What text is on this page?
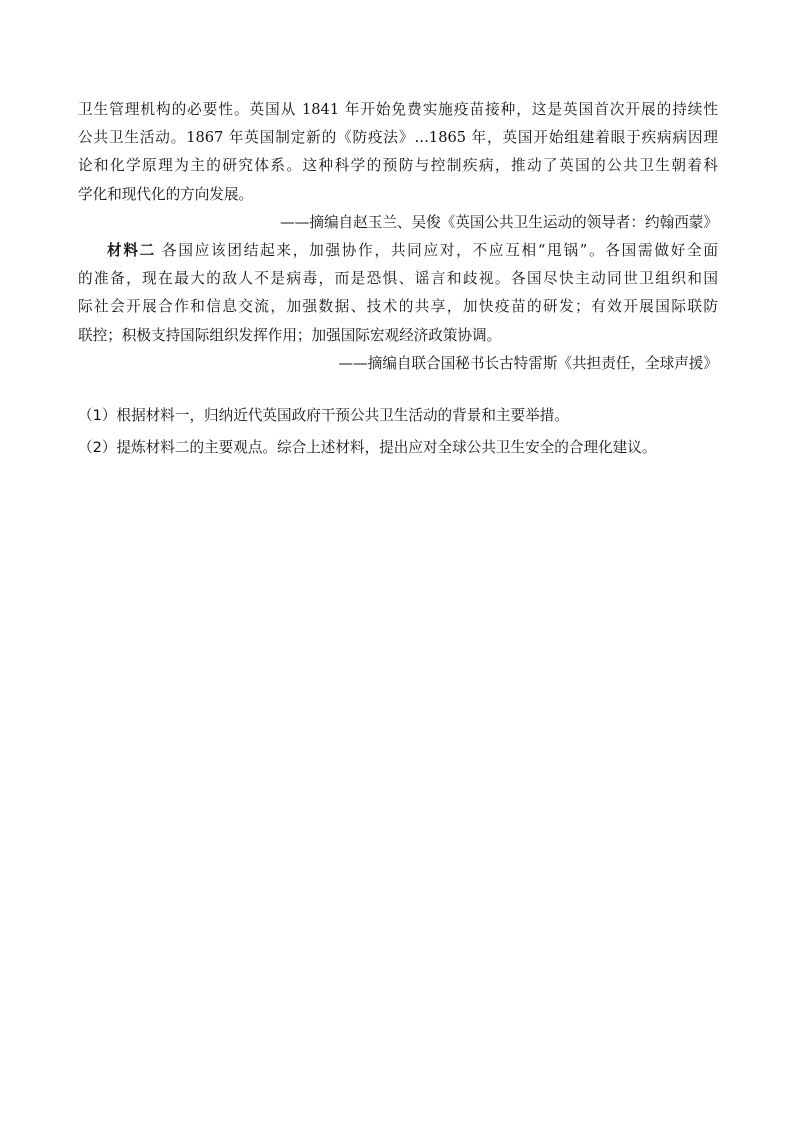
卫生管理机构的必要性。英国从 1841 年开始免费实施疫苗接种，这是英国首次开展的持续性
公共卫生活动。1867 年英国制定新的《防疫法》…1865 年，英国开始组建着眼于疾病病因理
论和化学原理为主的研究体系。这种科学的预防与控制疾病，推动了英国的公共卫生朝着科
学化和现代化的方向发展。

——摘编自赵玉兰、吴俊《英国公共卫生运动的领导者：约翰西蒙》

材料二 各国应该团结起来，加强协作，共同应对，不应互相“甩锅”。各国需做好全面
的准备，现在最大的敌人不是病毒，而是恐惧、谣言和歧视。各国尽快主动同世卫组织和国
际社会开展合作和信息交流，加强数据、技术的共享，加快疫苗的研发；有效开展国际联防
联控；积极支持国际组织发挥作用；加强国际宏观经济政策协调。

——摘编自联合国秘书长古特雷斯《共担责任，全球声援》

（1）根据材料一，归纳近代英国政府干预公共卫生活动的背景和主要举措。

（2）提炼材料二的主要观点。综合上述材料，提出应对全球公共卫生安全的合理化建议。
